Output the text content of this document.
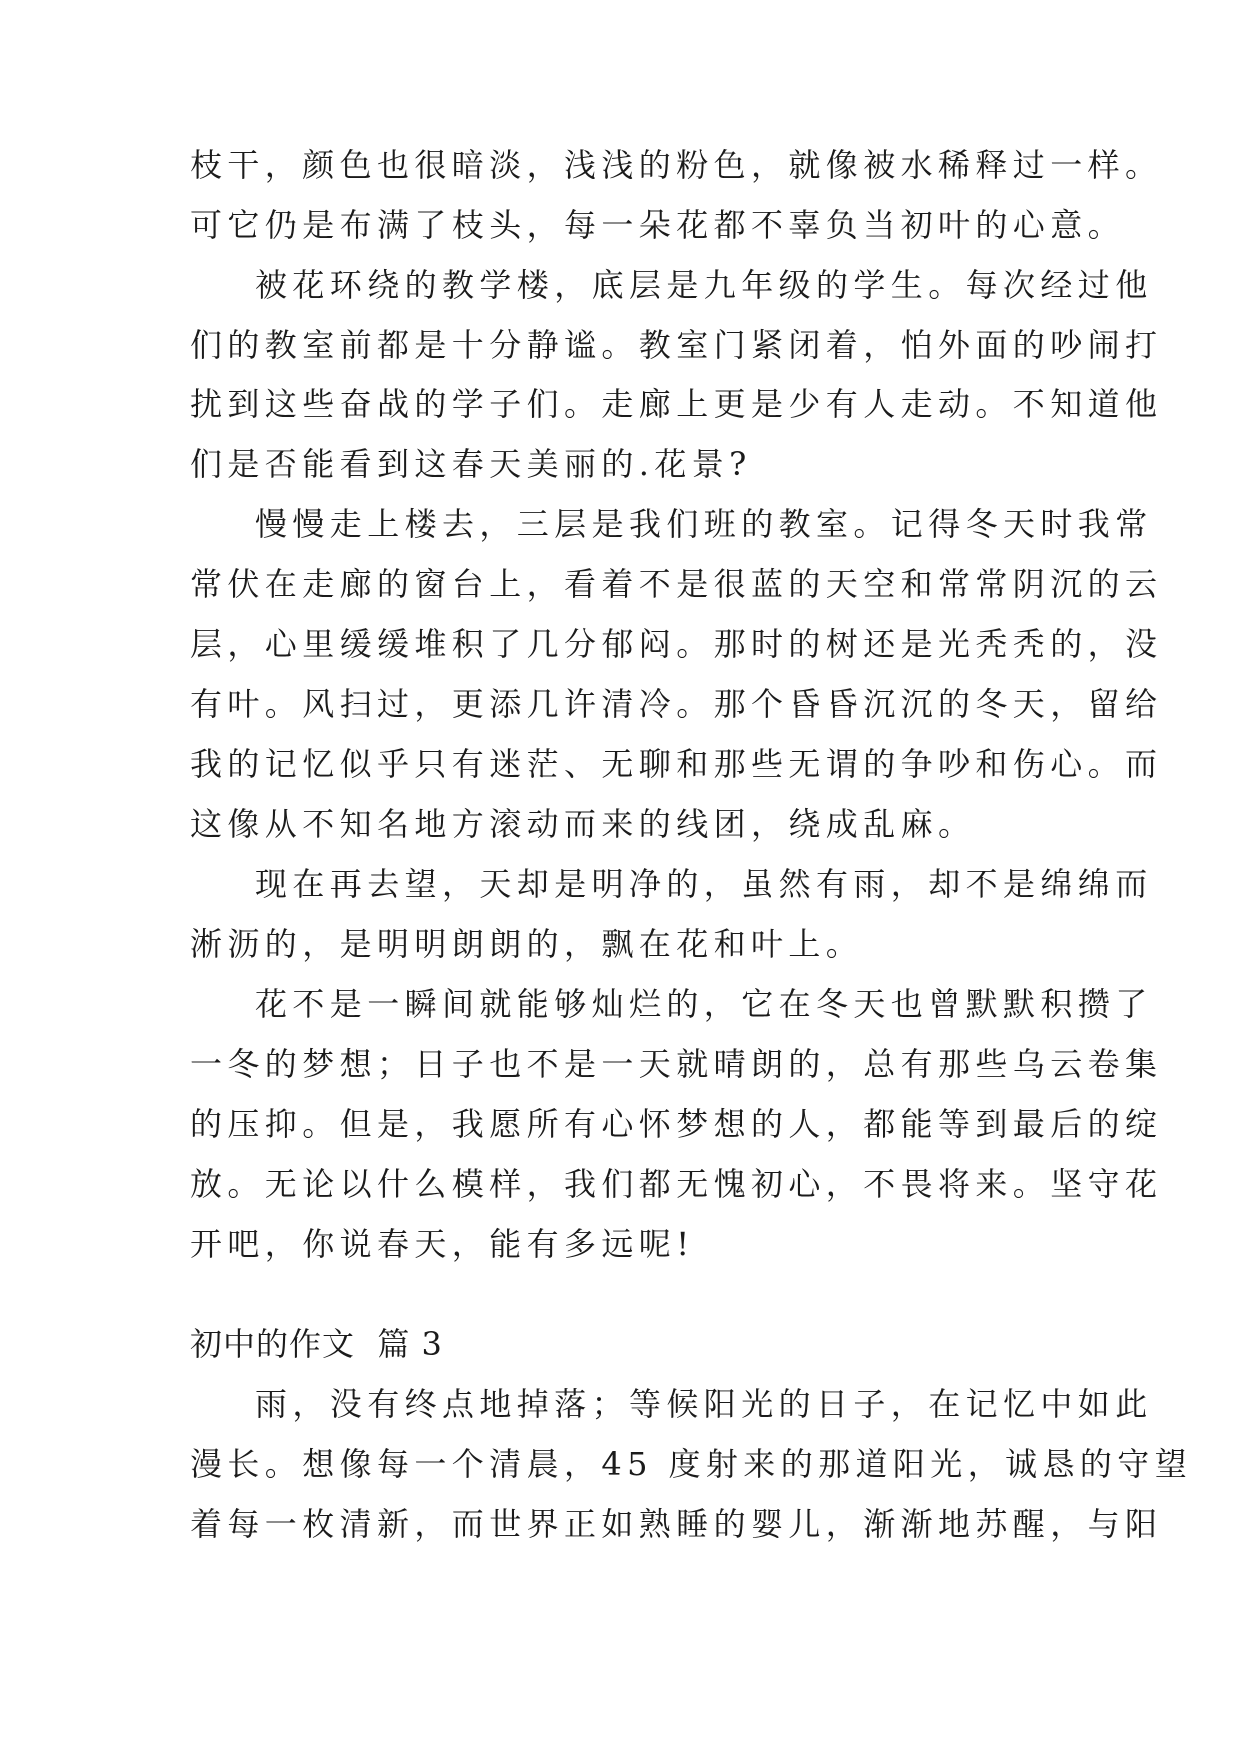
枝干，颜色也很暗淡，浅浅的粉色，就像被水稀释过一样。

可它仍是布满了枝头，每一朵花都不辜负当初叶的心意。

被花环绕的教学楼，底层是九年级的学生。每次经过他

们的教室前都是十分静谧。教室门紧闭着，怕外面的吵闹打

扰到这些奋战的学子们。走廊上更是少有人走动。不知道他

们是否能看到这春天美丽的.花景?

慢慢走上楼去，三层是我们班的教室。记得冬天时我常

常伏在走廊的窗台上，看着不是很蓝的天空和常常阴沉的云

层，心里缓缓堆积了几分郁闷。那时的树还是光秃秃的，没

有叶。风扫过，更添几许清冷。那个昏昏沉沉的冬天，留给

我的记忆似乎只有迷茫、无聊和那些无谓的争吵和伤心。而

这像从不知名地方滚动而来的线团，绕成乱麻。

现在再去望，天却是明净的，虽然有雨，却不是绵绵而

淅沥的，是明明朗朗的，飘在花和叶上。

花不是一瞬间就能够灿烂的，它在冬天也曾默默积攒了

一冬的梦想；日子也不是一天就晴朗的，总有那些乌云卷集

的压抑。但是，我愿所有心怀梦想的人，都能等到最后的绽

放。无论以什么模样，我们都无愧初心，不畏将来。坚守花

开吧，你说春天，能有多远呢!

初中的作文  篇 3

雨，没有终点地掉落；等候阳光的日子，在记忆中如此

漫长。想像每一个清晨，45 度射来的那道阳光，诚恳的守望

着每一枚清新，而世界正如熟睡的婴儿，渐渐地苏醒，与阳
